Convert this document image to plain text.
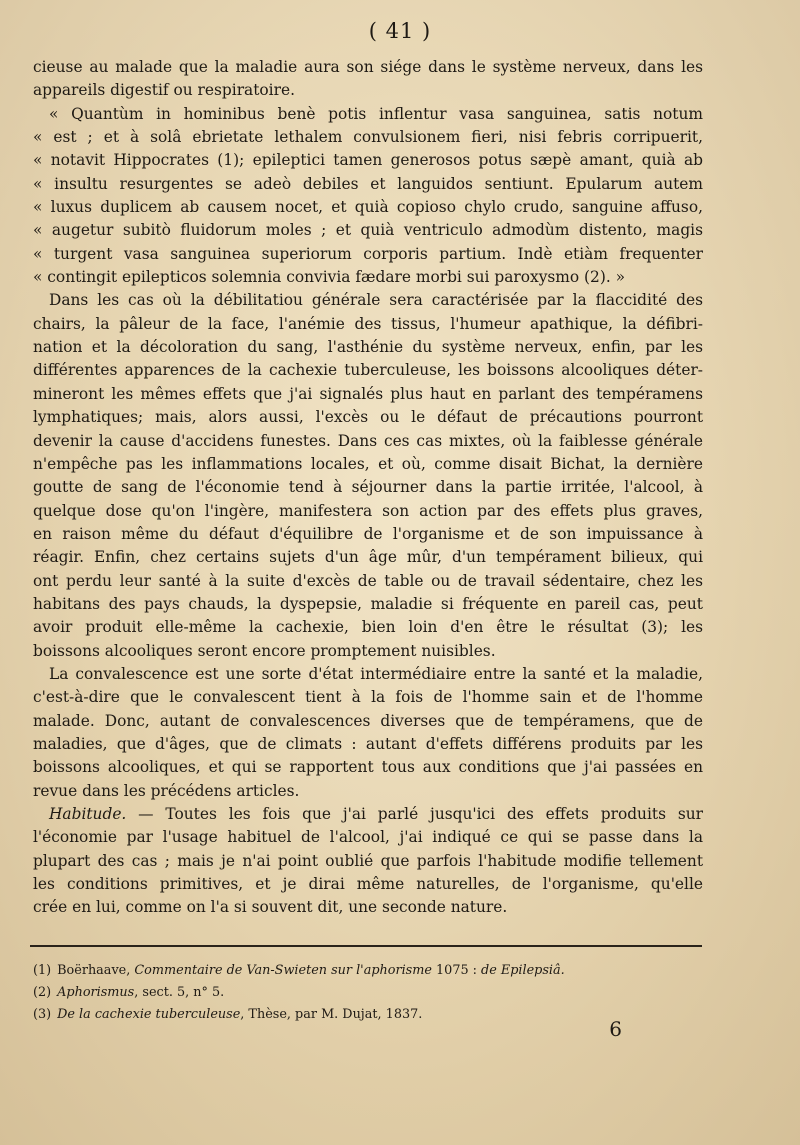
( 41 )
cieuse au malade que la maladie aura son siége dans le système nerveux, dans les
appareils digestif ou respiratoire.
« Quantùm in hominibus benè potis inflentur vasa sanguinea, satis notum
« est ; et à solâ ebrietate lethalem convulsionem fieri, nisi febris corripuerit,
« notavit Hippocrates (1); epileptici tamen generosos potus sæpè amant, quià ab
« insultu resurgentes se adeò debiles et languidos sentiunt. Epularum autem
« luxus duplicem ab causem nocet, et quià copioso chylo crudo, sanguine affuso,
« augetur subitò fluidorum moles ; et quià ventriculo admodùm distento, magis
« turgent vasa sanguinea superiorum corporis partium. Indè etiàm frequenter
« contingit epilepticos solemnia convivia fædare morbi sui paroxysmo (2). »
Dans les cas où la débilitatiou générale sera caractérisée par la flaccidité des
chairs, la pâleur de la face, l'anémie des tissus, l'humeur apathique, la défibri-
nation et la décoloration du sang, l'asthénie du système nerveux, enfin, par les
différentes apparences de la cachexie tuberculeuse, les boissons alcooliques déter-
mineront les mêmes effets que j'ai signalés plus haut en parlant des tempéramens
lymphatiques; mais, alors aussi, l'excès ou le défaut de précautions pourront
devenir la cause d'accidens funestes. Dans ces cas mixtes, où la faiblesse générale
n'empêche pas les inflammations locales, et où, comme disait Bichat, la dernière
goutte de sang de l'économie tend à séjourner dans la partie irritée, l'alcool, à
quelque dose qu'on l'ingère, manifestera son action par des effets plus graves,
en raison même du défaut d'équilibre de l'organisme et de son impuissance à
réagir. Enfin, chez certains sujets d'un âge mûr, d'un tempérament bilieux, qui
ont perdu leur santé à la suite d'excès de table ou de travail sédentaire, chez les
habitans des pays chauds, la dyspepsie, maladie si fréquente en pareil cas, peut
avoir produit elle-même la cachexie, bien loin d'en être le résultat (3); les
boissons alcooliques seront encore promptement nuisibles.
La convalescence est une sorte d'état intermédiaire entre la santé et la maladie,
c'est-à-dire que le convalescent tient à la fois de l'homme sain et de l'homme
malade. Donc, autant de convalescences diverses que de tempéramens, que de
maladies, que d'âges, que de climats : autant d'effets différens produits par les
boissons alcooliques, et qui se rapportent tous aux conditions que j'ai passées en
revue dans les précédens articles.
Habitude. — Toutes les fois que j'ai parlé jusqu'ici des effets produits sur
l'économie par l'usage habituel de l'alcool, j'ai indiqué ce qui se passe dans la
plupart des cas ; mais je n'ai point oublié que parfois l'habitude modifie tellement
les conditions primitives, et je dirai même naturelles, de l'organisme, qu'elle
crée en lui, comme on l'a si souvent dit, une seconde nature.
(1) Boërhaave, Commentaire de Van-Swieten sur l'aphorisme 1075 : de Epilepsiâ.
(2) Aphorismus, sect. 5, n° 5.
(3) De la cachexie tuberculeuse, Thèse, par M. Dujat, 1837.
6
